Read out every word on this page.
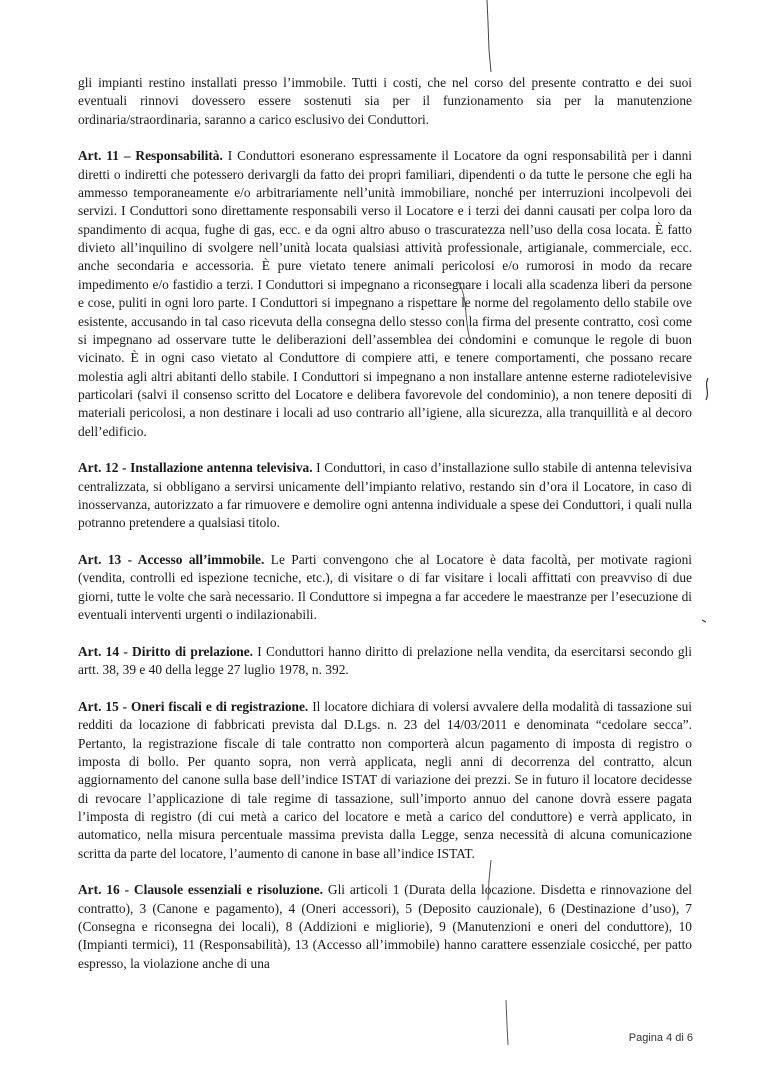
gli impianti restino installati presso l’immobile. Tutti i costi, che nel corso del presente contratto e dei suoi eventuali rinnovi dovessero essere sostenuti sia per il funzionamento sia per la manutenzione ordinaria/straordinaria, saranno a carico esclusivo dei Conduttori.

Art. 11 – Responsabilità. I Conduttori esonerano espressamente il Locatore da ogni responsabilità per i danni diretti o indiretti che potessero derivargli da fatto dei propri familiari, dipendenti o da tutte le persone che egli ha ammesso temporaneamente e/o arbitrariamente nell’unità immobiliare, nonché per interruzioni incolpevoli dei servizi. I Conduttori sono direttamente responsabili verso il Locatore e i terzi dei danni causati per colpa loro da spandimento di acqua, fughe di gas, ecc. e da ogni altro abuso o trascuratezza nell’uso della cosa locata. È fatto divieto all’inquilino di svolgere nell’unità locata qualsiasi attività professionale, artigianale, commerciale, ecc. anche secondaria e accessoria. È pure vietato tenere animali pericolosi e/o rumorosi in modo da recare impedimento e/o fastidio a terzi. I Conduttori si impegnano a riconsegnare i locali alla scadenza liberi da persone e cose, puliti in ogni loro parte. I Conduttori si impegnano a rispettare le norme del regolamento dello stabile ove esistente, accusando in tal caso ricevuta della consegna dello stesso con la firma del presente contratto, così come si impegnano ad osservare tutte le deliberazioni dell’assemblea dei condomini e comunque le regole di buon vicinato. È in ogni caso vietato al Conduttore di compiere atti, e tenere comportamenti, che possano recare molestia agli altri abitanti dello stabile. I Conduttori si impegnano a non installare antenne esterne radiotelevisive particolari (salvi il consenso scritto del Locatore e delibera favorevole del condominio), a non tenere depositi di materiali pericolosi, a non destinare i locali ad uso contrario all’igiene, alla sicurezza, alla tranquillità e al decoro dell’edificio.

Art. 12 - Installazione antenna televisiva. I Conduttori, in caso d’installazione sullo stabile di antenna televisiva centralizzata, si obbligano a servirsi unicamente dell’impianto relativo, restando sin d’ora il Locatore, in caso di inosservanza, autorizzato a far rimuovere e demolire ogni antenna individuale a spese dei Conduttori, i quali nulla potranno pretendere a qualsiasi titolo.

Art. 13 - Accesso all’immobile. Le Parti convengono che al Locatore è data facoltà, per motivate ragioni (vendita, controlli ed ispezione tecniche, etc.), di visitare o di far visitare i locali affittati con preavviso di due giorni, tutte le volte che sarà necessario. Il Conduttore si impegna a far accedere le maestranze per l’esecuzione di eventuali interventi urgenti o indilazionabili.

Art. 14 - Diritto di prelazione. I Conduttori hanno diritto di prelazione nella vendita, da esercitarsi secondo gli artt. 38, 39 e 40 della legge 27 luglio 1978, n. 392.

Art. 15 - Oneri fiscali e di registrazione. Il locatore dichiara di volersi avvalere della modalità di tassazione sui redditi da locazione di fabbricati prevista dal D.Lgs. n. 23 del 14/03/2011 e denominata “cedolare secca”. Pertanto, la registrazione fiscale di tale contratto non comporterà alcun pagamento di imposta di registro o imposta di bollo. Per quanto sopra, non verrà applicata, negli anni di decorrenza del contratto, alcun aggiornamento del canone sulla base dell’indice ISTAT di variazione dei prezzi. Se in futuro il locatore decidesse di revocare l’applicazione di tale regime di tassazione, sull’importo annuo del canone dovrà essere pagata l’imposta di registro (di cui metà a carico del locatore e metà a carico del conduttore) e verrà applicato, in automatico, nella misura percentuale massima prevista dalla Legge, senza necessità di alcuna comunicazione scritta da parte del locatore, l’aumento di canone in base all’indice ISTAT.

Art. 16 - Clausole essenziali e risoluzione. Gli articoli 1 (Durata della locazione. Disdetta e rinnovazione del contratto), 3 (Canone e pagamento), 4 (Oneri accessori), 5 (Deposito cauzionale), 6 (Destinazione d’uso), 7 (Consegna e riconsegna dei locali), 8 (Addizioni e migliorie), 9 (Manutenzioni e oneri del conduttore), 10 (Impianti termici), 11 (Responsabilità), 13 (Accesso all’immobile) hanno carattere essenziale cosicché, per patto espresso, la violazione anche di una

Pagina 4 di 6
